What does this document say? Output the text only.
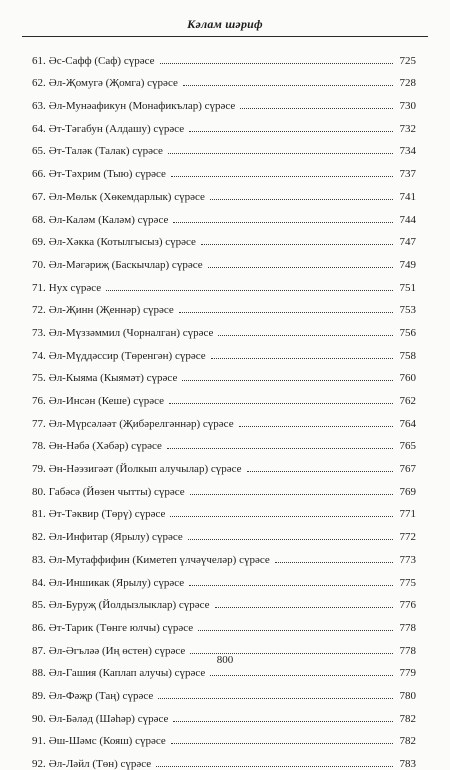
Кәлам шәриф
61. Әс-Сафф (Саф) сүрәсе	725
62. Әл-Җомугә (Җомга) сүрәсе	728
63. Әл-Мунәафикун (Монафикълар) сүрәсе	730
64. Әт-Тәгабун (Алдашу) сүрәсе	732
65. Әт-Таләк (Талак) сүрәсе	734
66. Әт-Тәхрим (Тыю) сүрәсе	737
67. Әл-Мөльк (Хөкемдарлык) сүрәсе	741
68. Әл-Каләм (Каләм) сүрәсе	744
69. Әл-Хәкка (Котылгысыз) сүрәсе	747
70. Әл-Мәгәриҗ (Баскычлар) сүрәсе	749
71. Нух сүрәсе	751
72. Әл-Җинн (Җеннәр) сүрәсе	753
73. Әл-Мүззәммил (Чорналган) сүрәсе	756
74. Әл-Мүддәссир (Төренгән) сүрәсе	758
75. Әл-Кыяма (Кыямәт) сүрәсе	760
76. Әл-Инсән (Кеше) сүрәсе	762
77. Әл-Мүрсәләәт (Җибәрелгәннәр) сүрәсе	764
78. Ән-Нәбә (Хәбәр) сүрәсе	765
79. Ән-Нәэзигәәт (Йолкып алучылар) сүрәсе	767
80. Габәсә (Йөзен чытты) сүрәсе	769
81. Әт-Тәквир (Төрү) сүрәсе	771
82. Әл-Инфитар (Ярылу) сүрәсе	772
83. Әл-Мутаффифин (Киметеп үлчәүчеләр) сүрәсе	773
84. Әл-Иншикак (Ярылу) сүрәсе	775
85. Әл-Буруҗ (Йолдызлыклар) сүрәсе	776
86. Әт-Тарик (Төнге юлчы) сүрәсе	778
87. Әл-Әгъләә (Иң өстен) сүрәсе	778
88. Әл-Гашия (Каплап алучы) сүрәсе	779
89. Әл-Фәҗр (Таң) сүрәсе	780
90. Әл-Бәләд (Шәһәр) сүрәсе	782
91. Әш-Шәмс (Кояш) сүрәсе	782
92. Әл-Ләйл (Төн) сүрәсе	783
800
